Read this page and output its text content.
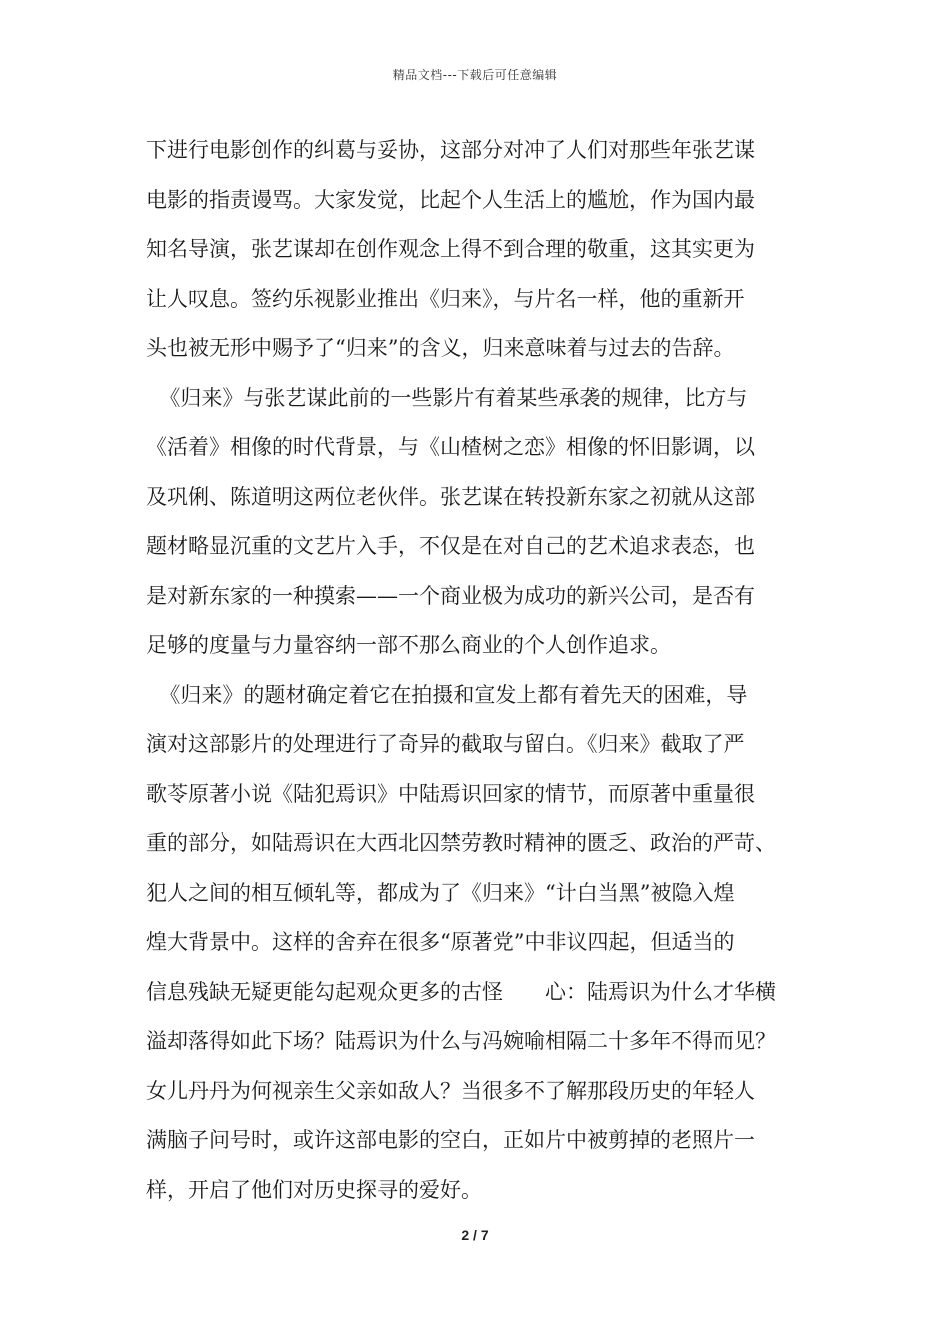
精品文档---下载后可任意编辑
下进行电影创作的纠葛与妥协，这部分对冲了人们对那些年张艺谋
电影的指责谩骂。大家发觉，比起个人生活上的尴尬，作为国内最
知名导演，张艺谋却在创作观念上得不到合理的敬重，这其实更为
让人叹息。签约乐视影业推出《归来》，与片名一样，他的重新开
头也被无形中赐予了“归来”的含义，归来意味着与过去的告辞。
《归来》与张艺谋此前的一些影片有着某些承袭的规律，比方与
《活着》相像的时代背景，与《山楂树之恋》相像的怀旧影调，以
及巩俐、陈道明这两位老伙伴。张艺谋在转投新东家之初就从这部
题材略显沉重的文艺片入手，不仅是在对自己的艺术追求表态，也
是对新东家的一种摸索——一个商业极为成功的新兴公司，是否有
足够的度量与力量容纳一部不那么商业的个人创作追求。
《归来》的题材确定着它在拍摄和宣发上都有着先天的困难，导
演对这部影片的处理进行了奇异的截取与留白。《归来》截取了严
歌苓原著小说《陆犯焉识》中陆焉识回家的情节，而原著中重量很
重的部分，如陆焉识在大西北囚禁劳教时精神的匮乏、政治的严苛、
犯人之间的相互倾轧等，都成为了《归来》“计白当黑”被隐入煌
煌大背景中。这样的舍弃在很多“原著党”中非议四起，但适当的
信息残缺无疑更能勾起观众更多的古怪　　心：陆焉识为什么才华横
溢却落得如此下场？陆焉识为什么与冯婉喻相隔二十多年不得而见？
女儿丹丹为何视亲生父亲如敌人？当很多不了解那段历史的年轻人
满脑子问号时，或许这部电影的空白，正如片中被剪掉的老照片一
样，开启了他们对历史探寻的爱好。
2 / 7
